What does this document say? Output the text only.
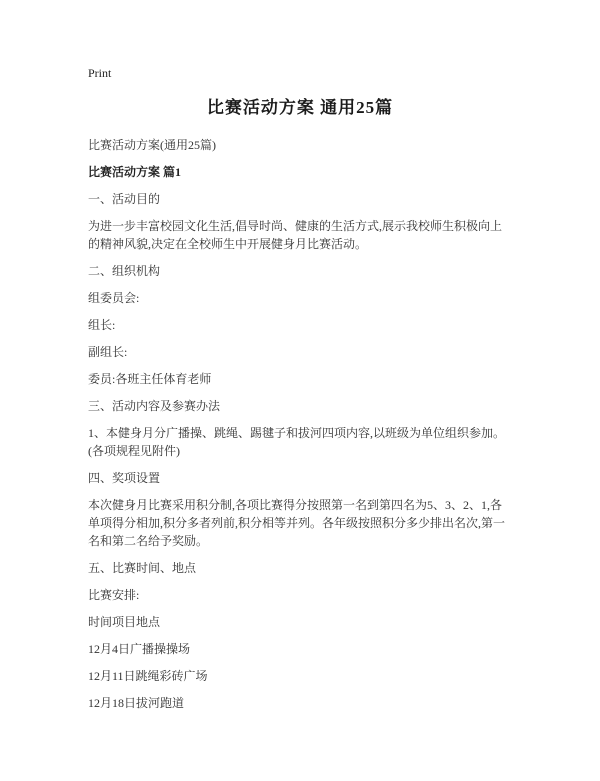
Print
比赛活动方案 通用25篇

比赛活动方案(通用25篇)

比赛活动方案 篇1

一、活动目的

为进一步丰富校园文化生活,倡导时尚、健康的生活方式,展示我校师生积极向上的精神风貌,决定在全校师生中开展健身月比赛活动。

二、组织机构

组委员会:

组长:

副组长:

委员:各班主任体育老师

三、活动内容及参赛办法

1、本健身月分广播操、跳绳、踢毽子和拔河四项内容,以班级为单位组织参加。(各项规程见附件)

四、奖项设置

本次健身月比赛采用积分制,各项比赛得分按照第一名到第四名为5、3、2、1,各单项得分相加,积分多者列前,积分相等并列。各年级按照积分多少排出名次,第一名和第二名给予奖励。

五、比赛时间、地点

比赛安排:

时间项目地点

12月4日广播操操场

12月11日跳绳彩砖广场

12月18日拔河跑道
